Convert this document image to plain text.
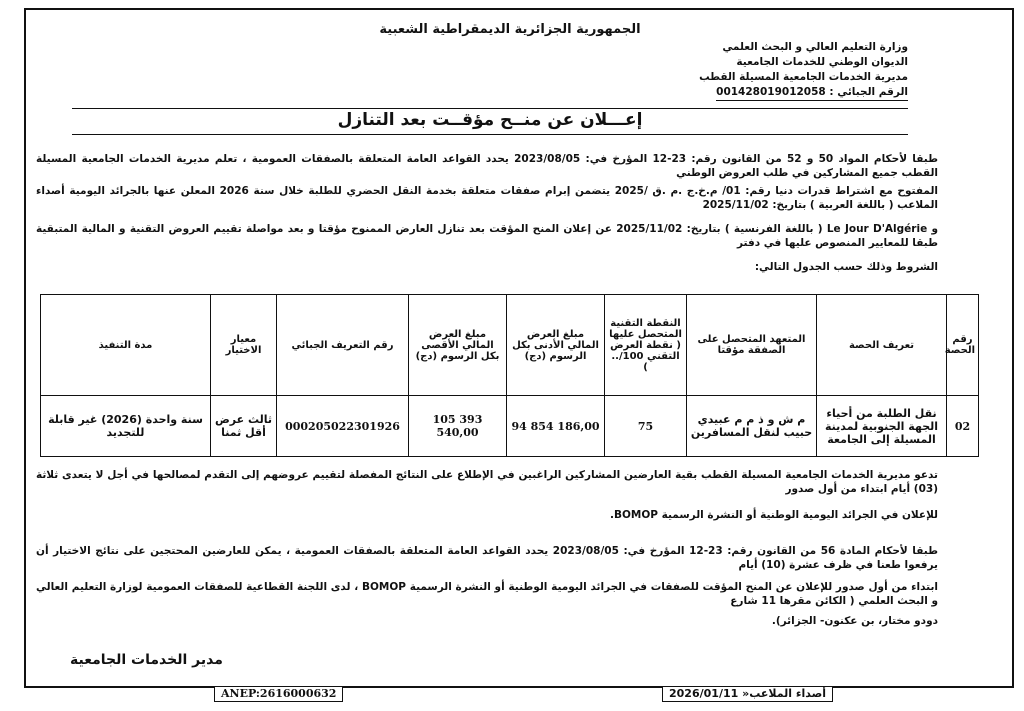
الجمهورية الجزائرية الديمقراطية الشعبية
وزارة التعليم العالي و البحث العلمي
الديوان الوطني للخدمات الجامعية
مديرية الخدمات الجامعية المسيلة القطب
الرقم الجبائي : 001428019012058
إعـــلان عن منــح مؤقــت بعد التنازل
طبقا لأحكام المواد 50 و 52 من القانون رقم: 23-12 المؤرخ في: 2023/08/05 يحدد القواعد العامة المتعلقة بالصفقات العمومية ، تعلم مديرية الخدمات الجامعية المسيلة القطب جميع المشاركين في طلب العروض الوطني
المفتوح مع اشتراط قدرات دنيا رقم: 01/ م.خ.ج .م .ق /2025 يتضمن إبرام صفقات متعلقة بخدمة النقل الحضري للطلبة خلال سنة 2026 المعلن عنها بالجرائد اليومية أصداء الملاعب ( باللغة العربية ) بتاريخ: 2025/11/02
و Le Jour D'Algérie ( باللغة الفرنسية ) بتاريخ: 2025/11/02 عن إعلان المنح المؤقت بعد تنازل العارض الممنوح مؤقتا و بعد مواصلة تقييم العروض التقنية و المالية المتبقية طبقا للمعايير المنصوص عليها في دفتر
الشروط وذلك حسب الجدول التالي:
رقم الحصة	تعريف الحصة	المتعهد المتحصل على الصفقة مؤقتا	النقطة التقنية المتحصل عليها ( نقطة العرض التقني 100/.. )	مبلغ العرض المالي الأدنى بكل الرسوم (دج)	مبلغ العرض المالي الأقصى بكل الرسوم (دج)	رقم التعريف الجبائي	معيار الاختيار	مدة التنفيذ
02	نقل الطلبة من أحياء الجهة الجنوبية لمدينة المسيلة إلى الجامعة	م ش و ذ م م عبيدي حبيب لنقل المسافرين	75	94 854 186,00	105 393 540,00	000205022301926	ثالث عرض أقل ثمنا	سنة واحدة (2026) غير قابلة للتجديد
تدعو مديرية الخدمات الجامعية المسيلة القطب بقية العارضين المشاركين الراغبين في الإطلاع على النتائج المفصلة لتقييم عروضهم إلى التقدم لمصالحها في أجل لا يتعدى ثلاثة (03) أيام ابتداء من أول صدور
للإعلان في الجرائد اليومية الوطنية أو النشرة الرسمية BOMOP.
طبقا لأحكام المادة 56 من القانون رقم: 23-12 المؤرخ في: 2023/08/05 يحدد القواعد العامة المتعلقة بالصفقات العمومية ، يمكن للعارضين المحتجين على نتائج الاختيار أن يرفعوا طعنا في ظرف عشرة (10) أيام
ابتداء من أول صدور للإعلان عن المنح المؤقت للصفقات في الجرائد اليومية الوطنية أو النشرة الرسمية BOMOP ، لدى اللجنة القطاعية للصفقات العمومية لوزارة التعليم العالي و البحث العلمي ( الكائن مقرها 11 شارع
دودو مختار، بن عكنون- الجزائر).
مدير الخدمات الجامعية
ANEP:2616000632	أصداء الملاعب« 2026/01/11
